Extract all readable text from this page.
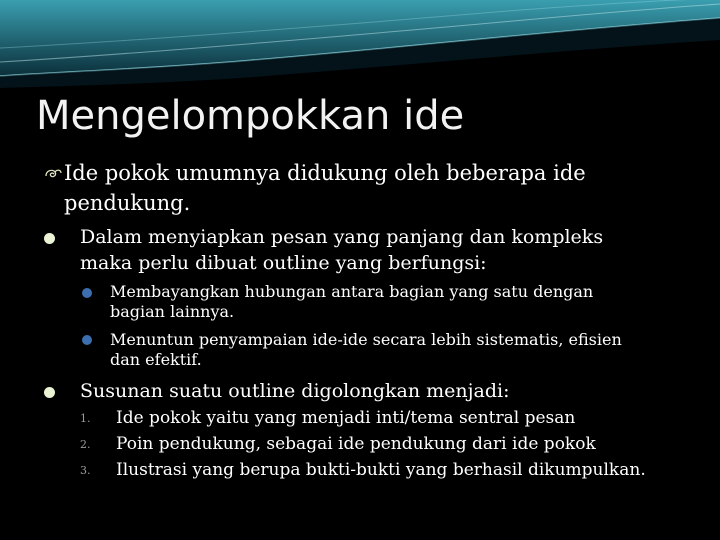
Mengelompokkan ide

Ide pokok umumnya didukung oleh beberapa ide
pendukung.

Dalam menyiapkan pesan yang panjang dan kompleks
maka perlu dibuat outline yang berfungsi:

Membayangkan hubungan antara bagian yang satu dengan
bagian lainnya.

Menuntun penyampaian ide-ide secara lebih sistematis, efisien
dan efektif.

Susunan suatu outline digolongkan menjadi:

1. Ide pokok yaitu yang menjadi inti/tema sentral pesan
2. Poin pendukung, sebagai ide pendukung dari ide pokok
3. Ilustrasi yang berupa bukti-bukti yang berhasil dikumpulkan.
